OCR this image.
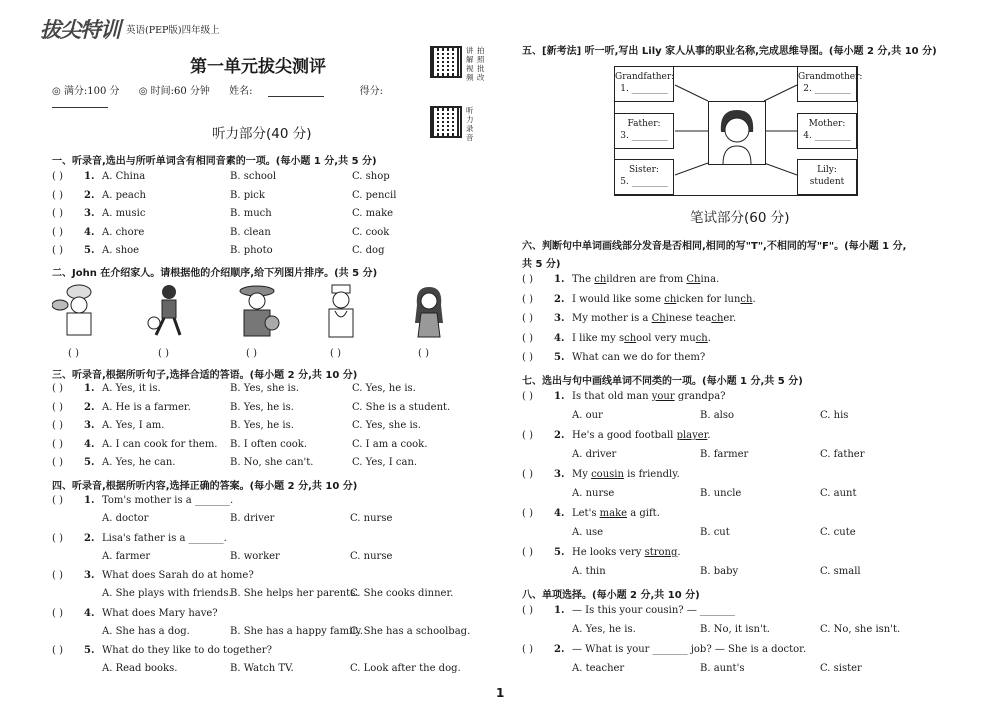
拔尖特训 英语(PEP版)四年级上
第一单元拔尖测评
讲解视频
拍照批改
◎ 满分:100 分 ◎ 时间:60 分钟 姓名:	得分:
听力录音
听力部分(40 分)
一、听录音,选出与所听单词含有相同音素的一项。(每小题 1 分,共 5 分)
( ) 1. A. China	B. school	C. shop
( ) 2. A. peach	B. pick	C. pencil
( ) 3. A. music	B. much	C. make
( ) 4. A. chore	B. clean	C. cook
( ) 5. A. shoe	B. photo	C. dog
二、John 在介绍家人。请根据他的介绍顺序,给下列图片排序。(共 5 分)
( )	( )	( )	( )	( )
三、听录音,根据所听句子,选择合适的答语。(每小题 2 分,共 10 分)
( ) 1. A. Yes, it is.	B. Yes, she is.	C. Yes, he is.
( ) 2. A. He is a farmer.	B. Yes, he is.	C. She is a student.
( ) 3. A. Yes, I am.	B. Yes, he is.	C. Yes, she is.
( ) 4. A. I can cook for them. B. I often cook.	C. I am a cook.
( ) 5. A. Yes, he can.	B. No, she can't.	C. Yes, I can.
四、听录音,根据所听内容,选择正确的答案。(每小题 2 分,共 10 分)
( ) 1. Tom's mother is a _______.
A. doctor	B. driver	C. nurse
( ) 2. Lisa's father is a _______.
A. farmer	B. worker	C. nurse
( ) 3. What does Sarah do at home?
A. She plays with friends.
B. She helps her parents.
C. She cooks dinner.
( ) 4. What does Mary have?
A. She has a dog.	B. She has a happy family.
C. She has a schoolbag.
( ) 5. What do they like to do together?
A. Read books.	B. Watch TV.	C. Look after the dog.
五、[新考法] 听一听,写出 Lily 家人从事的职业名称,完成思维导图。(每小题 2 分,共 10 分)
Grandfather:
1. ________
Grandmother:
2. ________
Father:
3. ________
Mother:
4. ________
Sister:
5. ________
Lily:
student
笔试部分(60 分)
六、判断句中单词画线部分发音是否相同,相同的写"T",不相同的写"F"。(每小题 1 分,
共 5 分)
( ) 1. The children are from China.
( ) 2. I would like some chicken for lunch.
( ) 3. My mother is a Chinese teacher.
( ) 4. I like my school very much.
( ) 5. What can we do for them?
七、选出与句中画线单词不同类的一项。(每小题 1 分,共 5 分)
( ) 1. Is that old man your grandpa?
A. our	B. also	C. his
( ) 2. He's a good football player.
A. driver	B. farmer	C. father
( ) 3. My cousin is friendly.
A. nurse	B. uncle	C. aunt
( ) 4. Let's make a gift.
A. use	B. cut	C. cute
( ) 5. He looks very strong.
A. thin	B. baby	C. small
八、单项选择。(每小题 2 分,共 10 分)
( ) 1. — Is this your cousin? — _______
A. Yes, he is.	B. No, it isn't.	C. No, she isn't.
( ) 2. — What is your _______ job? — She is a doctor.
A. teacher	B. aunt's	C. sister
1
